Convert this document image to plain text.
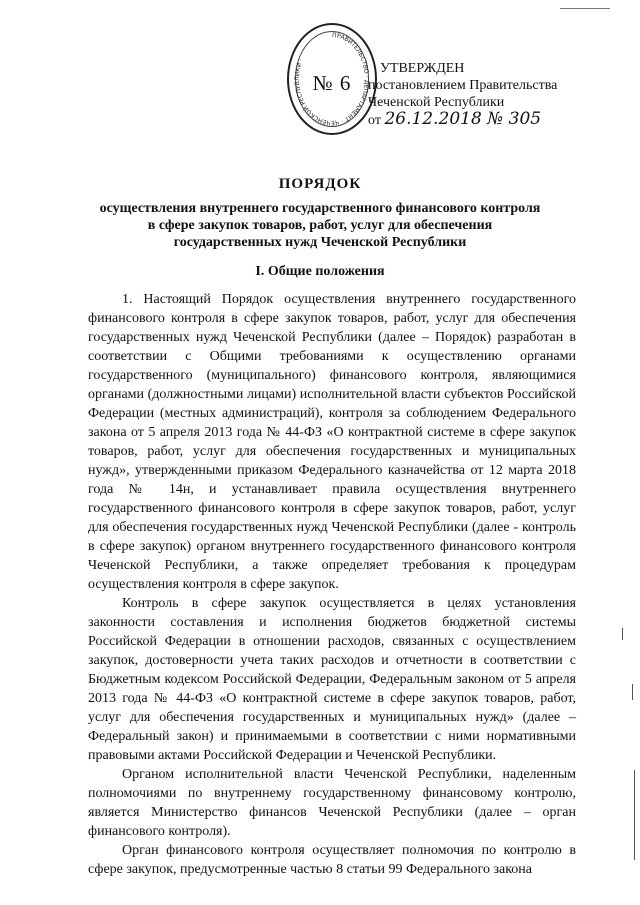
ПРАВИТЕЛЬСТВО · ДЕПАРТАМЕНТ · ЧЕЧЕНСКОЙ РЕСПУБЛИКИ ·
№ 6
УТВЕРЖДЕН
постановлением Правительства
Чеченской Республики
от 26.12.2018 № 305
ПОРЯДОК
осуществления внутреннего государственного финансового контроля
в сфере закупок товаров, работ, услуг для обеспечения
государственных нужд Чеченской Республики
I. Общие положения

1. Настоящий Порядок осуществления внутреннего государственного финансового контроля в сфере закупок товаров, работ, услуг для обеспечения государственных нужд Чеченской Республики (далее – Порядок) разработан в соответствии с Общими требованиями к осуществлению органами государственного (муниципального) финансового контроля, являющимися органами (должностными лицами) исполнительной власти субъектов Российской Федерации (местных администраций), контроля за соблюдением Федерального закона от 5 апреля 2013 года № 44-ФЗ «О контрактной системе в сфере закупок товаров, работ, услуг для обеспечения государственных и муниципальных нужд», утвержденными приказом Федерального казначейства от 12 марта 2018 года № 14н, и устанавливает правила осуществления внутреннего государственного финансового контроля в сфере закупок товаров, работ, услуг для обеспечения государственных нужд Чеченской Республики (далее - контроль в сфере закупок) органом внутреннего государственного финансового контроля Чеченской Республики, а также определяет требования к процедурам осуществления контроля в сфере закупок.

Контроль в сфере закупок осуществляется в целях установления законности составления и исполнения бюджетов бюджетной системы Российской Федерации в отношении расходов, связанных с осуществлением закупок, достоверности учета таких расходов и отчетности в соответствии с Бюджетным кодексом Российской Федерации, Федеральным законом от 5 апреля 2013 года № 44-ФЗ «О контрактной системе в сфере закупок товаров, работ, услуг для обеспечения государственных и муниципальных нужд» (далее – Федеральный закон) и принимаемыми в соответствии с ними нормативными правовыми актами Российской Федерации и Чеченской Республики.

Органом исполнительной власти Чеченской Республики, наделенным полномочиями по внутреннему государственному финансовому контролю, является Министерство финансов Чеченской Республики (далее – орган финансового контроля).

Орган финансового контроля осуществляет полномочия по контролю в сфере закупок, предусмотренные частью 8 статьи 99 Федерального закона
